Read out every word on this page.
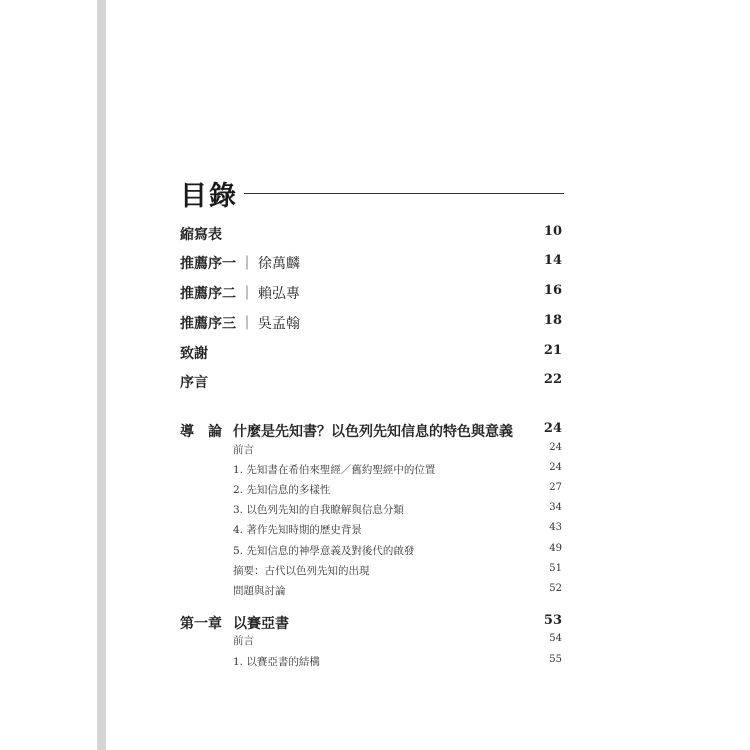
目錄
縮寫表	10
推薦序一 ｜ 徐萬麟	14
推薦序二 ｜ 賴弘專	16
推薦序三 ｜ 吳孟翰	18
致謝	21
序言	22
導　論 什麼是先知書？以色列先知信息的特色與意義 24
前言	24
1. 先知書在希伯來聖經／舊約聖經中的位置	24
2. 先知信息的多樣性	27
3. 以色列先知的自我瞭解與信息分類	34
4. 著作先知時期的歷史背景	43
5. 先知信息的神學意義及對後代的啟發	49
摘要：古代以色列先知的出現	51
問題與討論	52
第一章 以賽亞書	53
前言	54
1. 以賽亞書的結構	55
